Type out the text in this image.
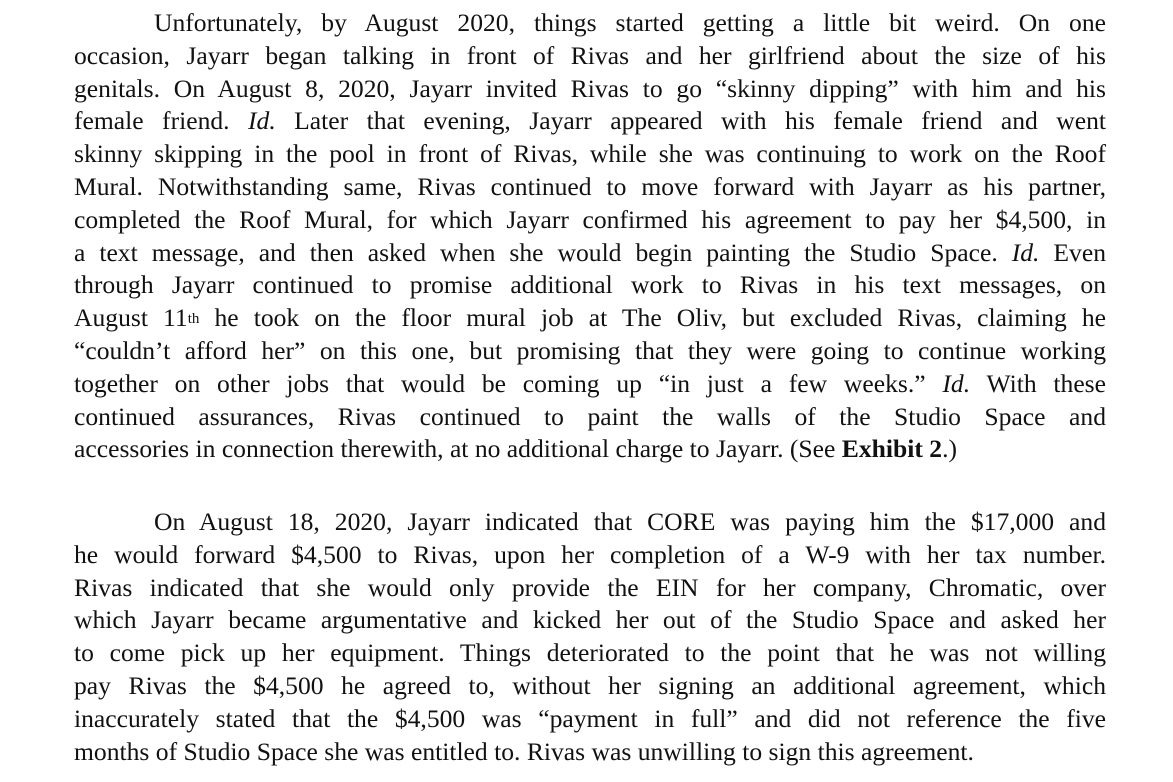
Unfortunately, by August 2020, things started getting a little bit weird. On one
occasion, Jayarr began talking in front of Rivas and her girlfriend about the size of his
genitals. On August 8, 2020, Jayarr invited Rivas to go “skinny dipping” with him and his
female friend. Id. Later that evening, Jayarr appeared with his female friend and went
skinny skipping in the pool in front of Rivas, while she was continuing to work on the Roof
Mural. Notwithstanding same, Rivas continued to move forward with Jayarr as his partner,
completed the Roof Mural, for which Jayarr confirmed his agreement to pay her $4,500, in
a text message, and then asked when she would begin painting the Studio Space. Id. Even
through Jayarr continued to promise additional work to Rivas in his text messages, on
August 11th he took on the floor mural job at The Oliv, but excluded Rivas, claiming he
“couldn’t afford her” on this one, but promising that they were going to continue working
together on other jobs that would be coming up “in just a few weeks.” Id. With these
continued assurances, Rivas continued to paint the walls of the Studio Space and
accessories in connection therewith, at no additional charge to Jayarr. (See Exhibit 2.)

On August 18, 2020, Jayarr indicated that CORE was paying him the $17,000 and
he would forward $4,500 to Rivas, upon her completion of a W-9 with her tax number.
Rivas indicated that she would only provide the EIN for her company, Chromatic, over
which Jayarr became argumentative and kicked her out of the Studio Space and asked her
to come pick up her equipment. Things deteriorated to the point that he was not willing
pay Rivas the $4,500 he agreed to, without her signing an additional agreement, which
inaccurately stated that the $4,500 was “payment in full” and did not reference the five
months of Studio Space she was entitled to. Rivas was unwilling to sign this agreement.
